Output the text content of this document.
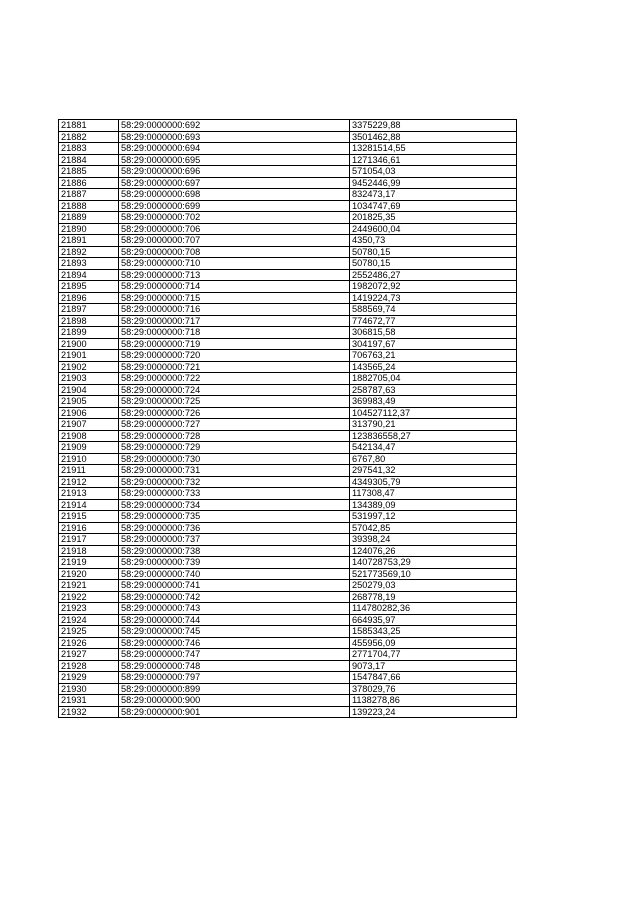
21881	58:29:0000000:692	3375229,88
21882	58:29:0000000:693	3501462,88
21883	58:29:0000000:694	13281514,55
21884	58:29:0000000:695	1271346,61
21885	58:29:0000000:696	571054,03
21886	58:29:0000000:697	9452446,99
21887	58:29:0000000:698	832473,17
21888	58:29:0000000:699	1034747,69
21889	58:29:0000000:702	201825,35
21890	58:29:0000000:706	2449600,04
21891	58:29:0000000:707	4350,73
21892	58:29:0000000:708	50780,15
21893	58:29:0000000:710	50780,15
21894	58:29:0000000:713	2552486,27
21895	58:29:0000000:714	1982072,92
21896	58:29:0000000:715	1419224,73
21897	58:29:0000000:716	588569,74
21898	58:29:0000000:717	774672,77
21899	58:29:0000000:718	306815,58
21900	58:29:0000000:719	304197,67
21901	58:29:0000000:720	706763,21
21902	58:29:0000000:721	143565,24
21903	58:29:0000000:722	1882705,04
21904	58:29:0000000:724	258787,63
21905	58:29:0000000:725	369983,49
21906	58:29:0000000:726	104527112,37
21907	58:29:0000000:727	313790,21
21908	58:29:0000000:728	123836558,27
21909	58:29:0000000:729	542134,47
21910	58:29:0000000:730	6767,80
21911	58:29:0000000:731	297541,32
21912	58:29:0000000:732	4349305,79
21913	58:29:0000000:733	117308,47
21914	58:29:0000000:734	134389,09
21915	58:29:0000000:735	531997,12
21916	58:29:0000000:736	57042,85
21917	58:29:0000000:737	39398,24
21918	58:29:0000000:738	124076,26
21919	58:29:0000000:739	140728753,29
21920	58:29:0000000:740	521773569,10
21921	58:29:0000000:741	250279,03
21922	58:29:0000000:742	268778,19
21923	58:29:0000000:743	114780282,36
21924	58:29:0000000:744	664935,97
21925	58:29:0000000:745	1585343,25
21926	58:29:0000000:746	455956,09
21927	58:29:0000000:747	2771704,77
21928	58:29:0000000:748	9073,17
21929	58:29:0000000:797	1547847,66
21930	58:29:0000000:899	378029,76
21931	58:29:0000000:900	1138278,86
21932	58:29:0000000:901	139223,24
